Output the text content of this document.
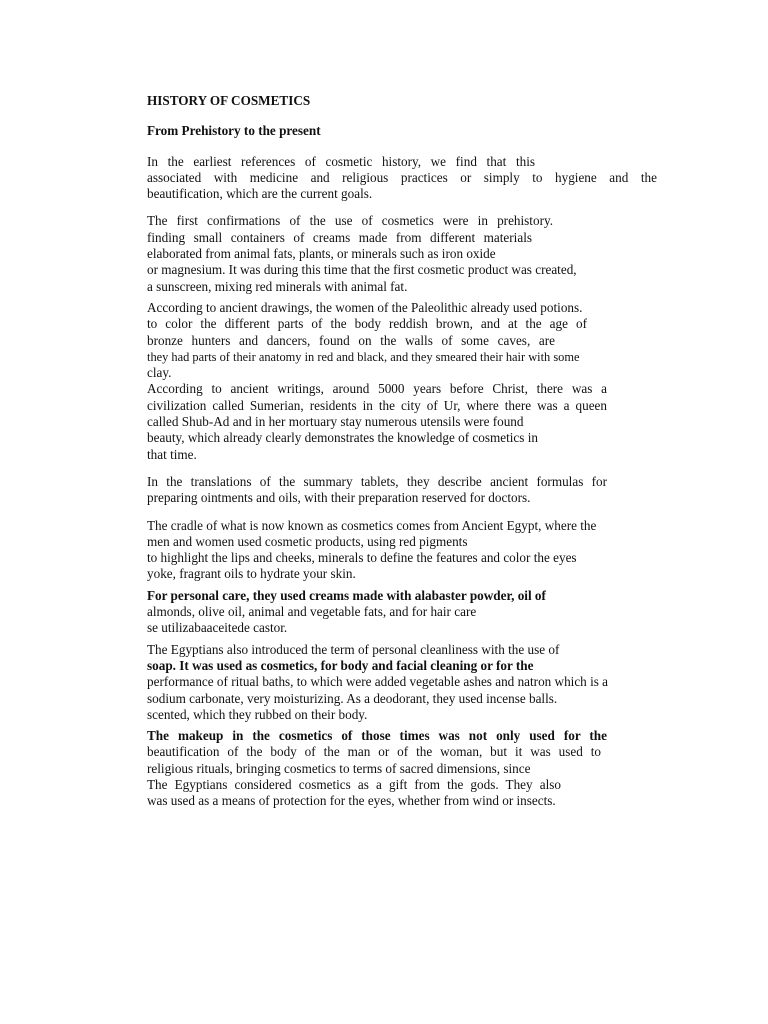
HISTORY OF COSMETICS
From Prehistory to the present
In the earliest references of cosmetic history, we find that this
associated with medicine and religious practices or simply to hygiene and the
beautification, which are the current goals.
The first confirmations of the use of cosmetics were in prehistory.
finding small containers of creams made from different materials
elaborated from animal fats, plants, or minerals such as iron oxide
or magnesium. It was during this time that the first cosmetic product was created,
a sunscreen, mixing red minerals with animal fat.
According to ancient drawings, the women of the Paleolithic already used potions.
to color the different parts of the body reddish brown, and at the age of
bronze hunters and dancers, found on the walls of some caves, are
they had parts of their anatomy in red and black, and they smeared their hair with some
clay.
According to ancient writings, around 5000 years before Christ, there was a
civilization called Sumerian, residents in the city of Ur, where there was a queen
called Shub-Ad and in her mortuary stay numerous utensils were found
beauty, which already clearly demonstrates the knowledge of cosmetics in
that time.
In the translations of the summary tablets, they describe ancient formulas for
preparing ointments and oils, with their preparation reserved for doctors.
The cradle of what is now known as cosmetics comes from Ancient Egypt, where the
men and women used cosmetic products, using red pigments
to highlight the lips and cheeks, minerals to define the features and color the eyes
yoke, fragrant oils to hydrate your skin.
For personal care, they used creams made with alabaster powder, oil of
almonds, olive oil, animal and vegetable fats, and for hair care
se utilizabaaceitede castor.
The Egyptians also introduced the term of personal cleanliness with the use of
soap. It was used as cosmetics, for body and facial cleaning or for the
performance of ritual baths, to which were added vegetable ashes and natron which is a
sodium carbonate, very moisturizing. As a deodorant, they used incense balls.
scented, which they rubbed on their body.
The makeup in the cosmetics of those times was not only used for the
beautification of the body of the man or of the woman, but it was used to
religious rituals, bringing cosmetics to terms of sacred dimensions, since
The Egyptians considered cosmetics as a gift from the gods. They also
was used as a means of protection for the eyes, whether from wind or insects.
